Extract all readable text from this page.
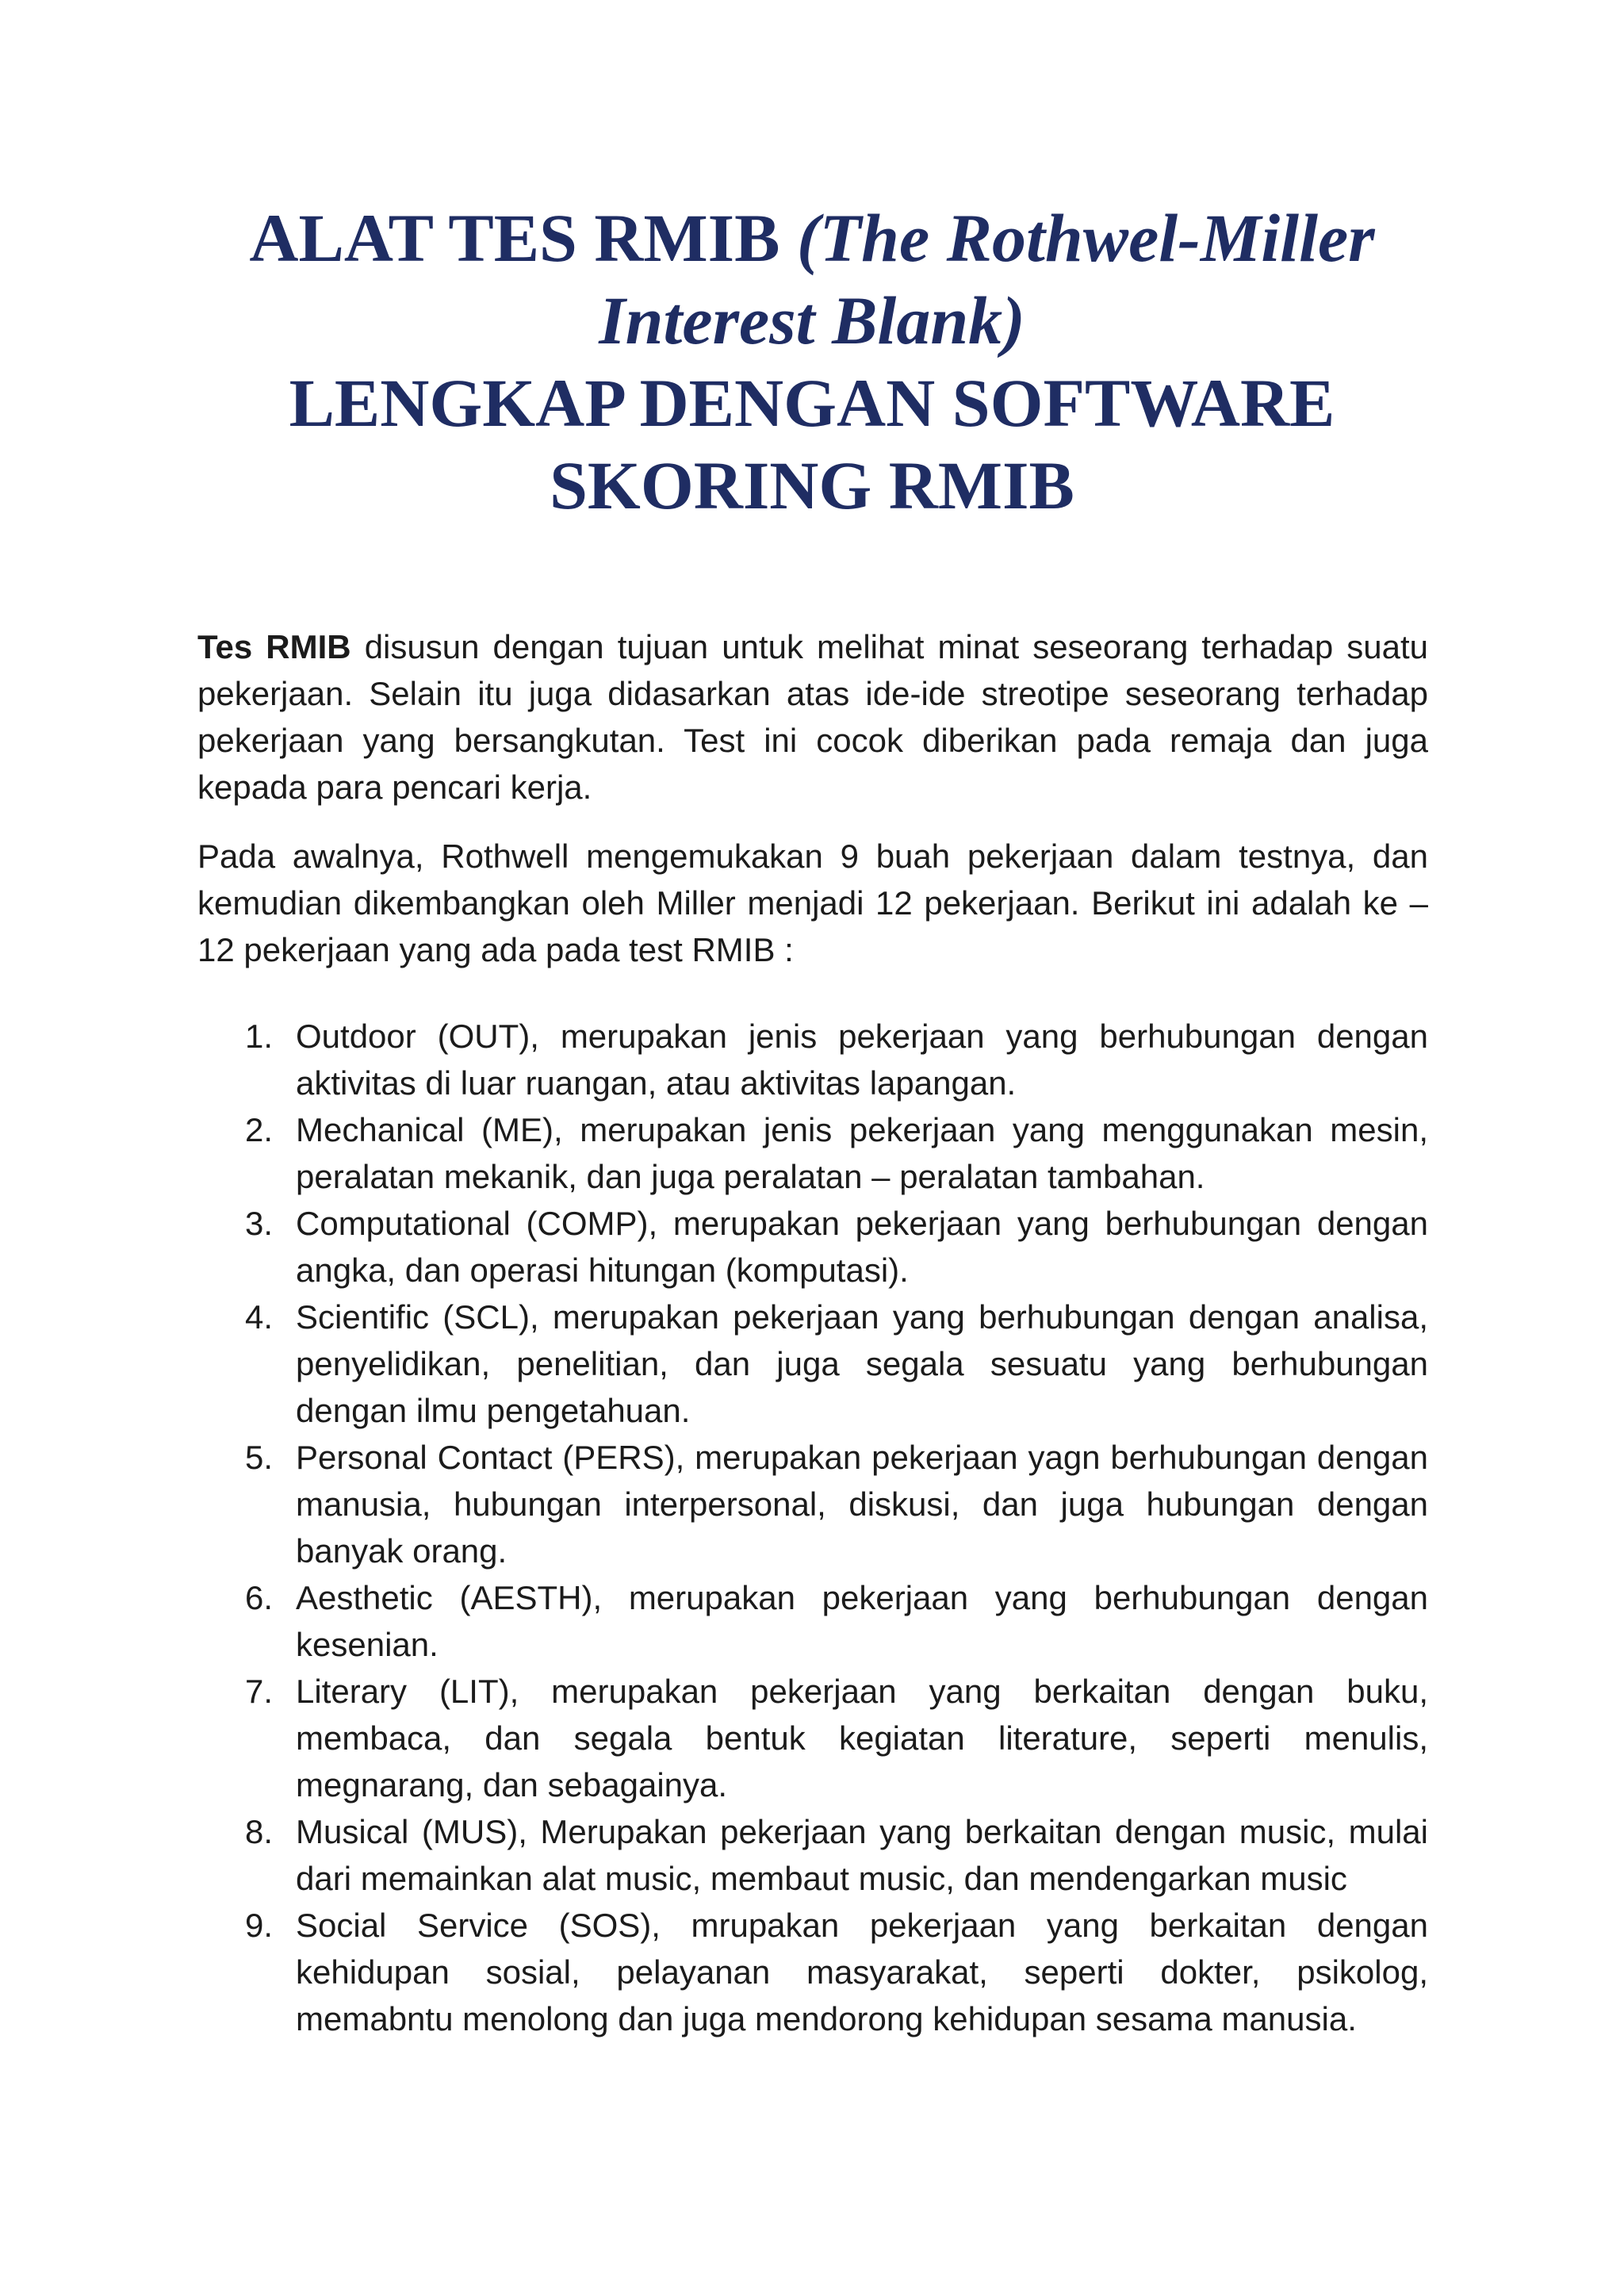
ALAT TES RMIB (The Rothwel-Miller
Interest Blank)
LENGKAP DENGAN SOFTWARE
SKORING RMIB

Tes RMIB disusun dengan tujuan untuk melihat minat seseorang terhadap suatu pekerjaan. Selain itu juga didasarkan atas ide-ide streotipe seseorang terhadap pekerjaan yang bersangkutan. Test ini cocok diberikan pada remaja dan juga kepada para pencari kerja.

Pada awalnya, Rothwell mengemukakan 9 buah pekerjaan dalam testnya, dan kemudian dikembangkan oleh Miller menjadi 12 pekerjaan. Berikut ini adalah ke – 12 pekerjaan yang ada pada test RMIB :

1. Outdoor (OUT), merupakan jenis pekerjaan yang berhubungan dengan aktivitas di luar ruangan, atau aktivitas lapangan.
2. Mechanical (ME), merupakan jenis pekerjaan yang menggunakan mesin, peralatan mekanik, dan juga peralatan – peralatan tambahan.
3. Computational (COMP), merupakan pekerjaan yang berhubungan dengan angka, dan operasi hitungan (komputasi).
4. Scientific (SCL), merupakan pekerjaan yang berhubungan dengan analisa, penyelidikan, penelitian, dan juga segala sesuatu yang berhubungan dengan ilmu pengetahuan.
5. Personal Contact (PERS), merupakan pekerjaan yagn berhubungan dengan manusia, hubungan interpersonal, diskusi, dan juga hubungan dengan banyak orang.
6. Aesthetic (AESTH), merupakan pekerjaan yang berhubungan dengan kesenian.
7. Literary (LIT), merupakan pekerjaan yang berkaitan dengan buku, membaca, dan segala bentuk kegiatan literature, seperti menulis, megnarang, dan sebagainya.
8. Musical (MUS), Merupakan pekerjaan yang berkaitan dengan music, mulai dari memainkan alat music, membaut music, dan mendengarkan music
9. Social Service (SOS), mrupakan pekerjaan yang berkaitan dengan kehidupan sosial, pelayanan masyarakat, seperti dokter, psikolog, memabntu menolong dan juga mendorong kehidupan sesama manusia.
